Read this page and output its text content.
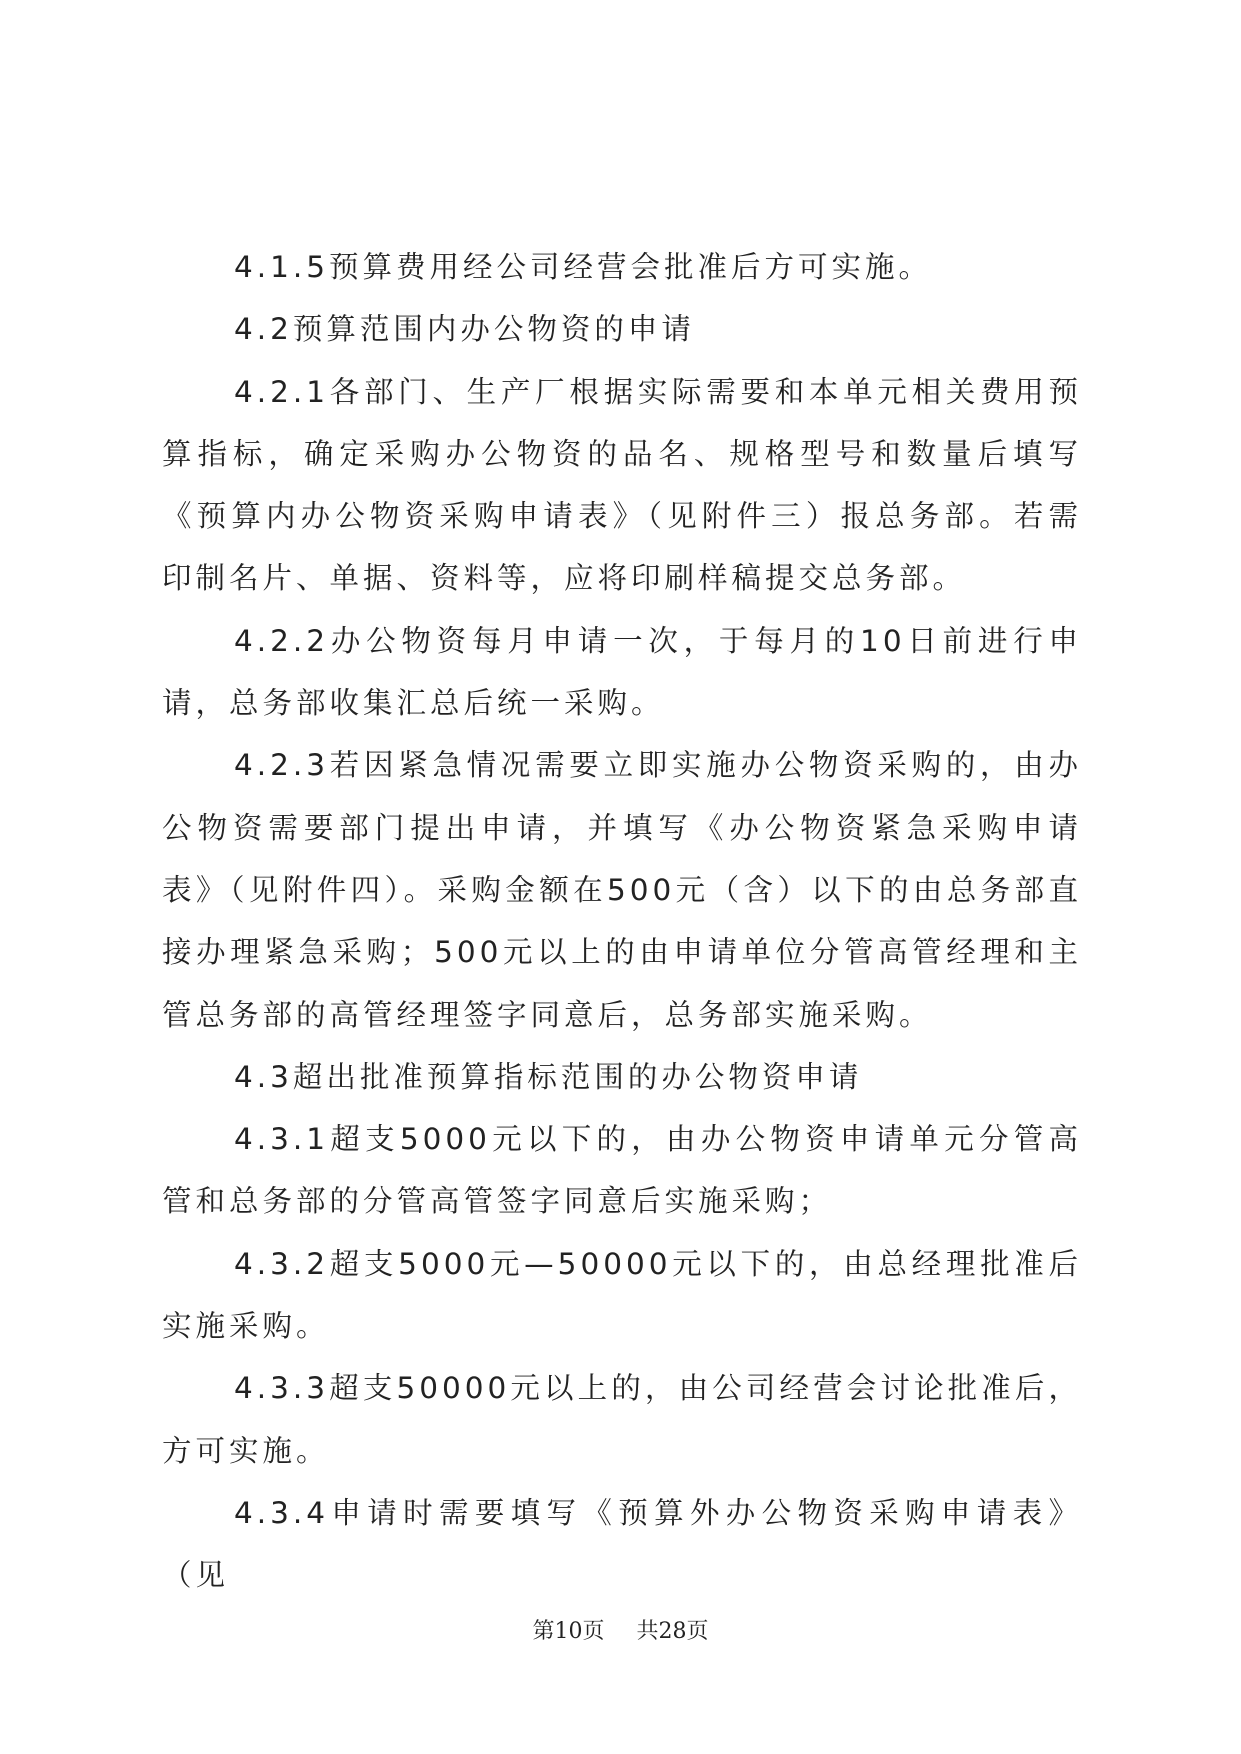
4.1.5预算费用经公司经营会批准后方可实施。

4.2预算范围内办公物资的申请

4.2.1各部门、生产厂根据实际需要和本单元相关费用预算指标，确定采购办公物资的品名、规格型号和数量后填写《预算内办公物资采购申请表》（见附件三）报总务部。若需印制名片、单据、资料等，应将印刷样稿提交总务部。

4.2.2办公物资每月申请一次，于每月的10日前进行申请，总务部收集汇总后统一采购。

4.2.3若因紧急情况需要立即实施办公物资采购的，由办公物资需要部门提出申请，并填写《办公物资紧急采购申请表》（见附件四）。采购金额在500元（含）以下的由总务部直接办理紧急采购；500元以上的由申请单位分管高管经理和主管总务部的高管经理签字同意后，总务部实施采购。

4.3超出批准预算指标范围的办公物资申请

4.3.1超支5000元以下的，由办公物资申请单元分管高管和总务部的分管高管签字同意后实施采购；

4.3.2超支5000元—50000元以下的，由总经理批准后实施采购。

4.3.3超支50000元以上的，由公司经营会讨论批准后，方可实施。

4.3.4申请时需要填写《预算外办公物资采购申请表》（见

第10页 共28页
